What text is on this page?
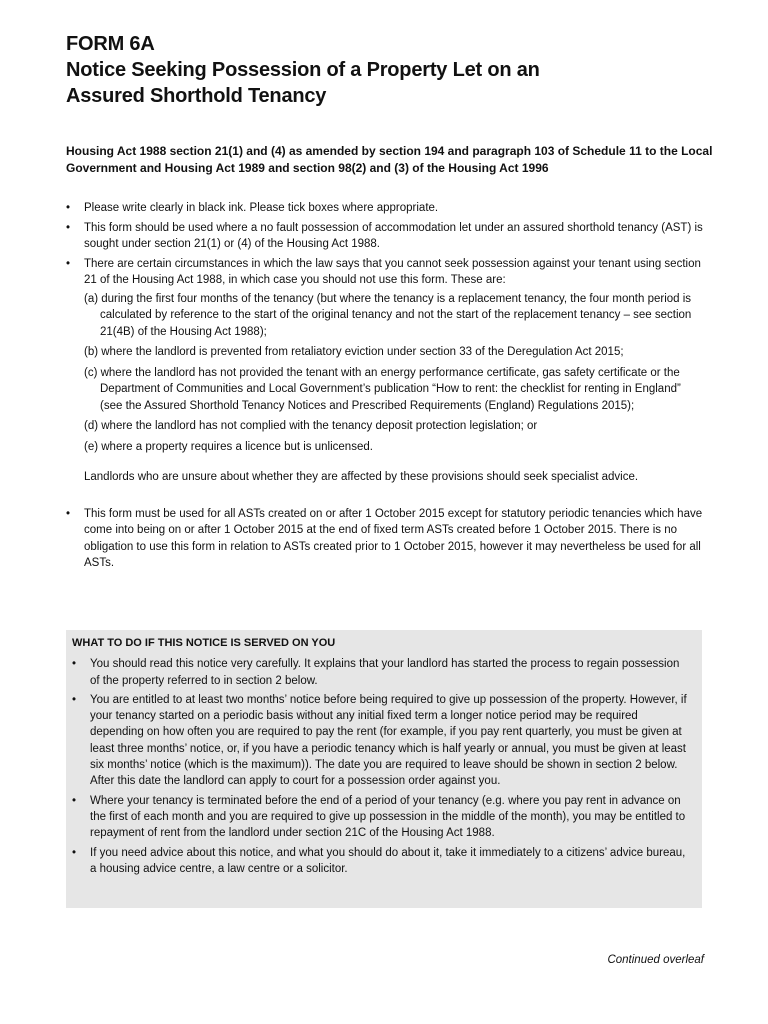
FORM 6A
Notice Seeking Possession of a Property Let on an
Assured Shorthold Tenancy
Housing Act 1988 section 21(1) and (4) as amended by section 194 and paragraph 103 of Schedule 11 to the Local Government and Housing Act 1989 and section 98(2) and (3) of the Housing Act 1996
• Please write clearly in black ink. Please tick boxes where appropriate.
• This form should be used where a no fault possession of accommodation let under an assured shorthold tenancy (AST) is sought under section 21(1) or (4) of the Housing Act 1988.
• There are certain circumstances in which the law says that you cannot seek possession against your tenant using section 21 of the Housing Act 1988, in which case you should not use this form. These are:
(a) during the first four months of the tenancy (but where the tenancy is a replacement tenancy, the four month period is calculated by reference to the start of the original tenancy and not the start of the replacement tenancy – see section 21(4B) of the Housing Act 1988);
(b) where the landlord is prevented from retaliatory eviction under section 33 of the Deregulation Act 2015;
(c) where the landlord has not provided the tenant with an energy performance certificate, gas safety certificate or the Department of Communities and Local Government’s publication “How to rent: the checklist for renting in England” (see the Assured Shorthold Tenancy Notices and Prescribed Requirements (England) Regulations 2015);
(d) where the landlord has not complied with the tenancy deposit protection legislation; or
(e) where a property requires a licence but is unlicensed.
Landlords who are unsure about whether they are affected by these provisions should seek specialist advice.
• This form must be used for all ASTs created on or after 1 October 2015 except for statutory periodic tenancies which have come into being on or after 1 October 2015 at the end of fixed term ASTs created before 1 October 2015. There is no obligation to use this form in relation to ASTs created prior to 1 October 2015, however it may nevertheless be used for all ASTs.
WHAT TO DO IF THIS NOTICE IS SERVED ON YOU
• You should read this notice very carefully. It explains that your landlord has started the process to regain possession of the property referred to in section 2 below.
• You are entitled to at least two months’ notice before being required to give up possession of the property. However, if your tenancy started on a periodic basis without any initial fixed term a longer notice period may be required depending on how often you are required to pay the rent (for example, if you pay rent quarterly, you must be given at least three months’ notice, or, if you have a periodic tenancy which is half yearly or annual, you must be given at least six months’ notice (which is the maximum)). The date you are required to leave should be shown in section 2 below. After this date the landlord can apply to court for a possession order against you.
• Where your tenancy is terminated before the end of a period of your tenancy (e.g. where you pay rent in advance on the first of each month and you are required to give up possession in the middle of the month), you may be entitled to repayment of rent from the landlord under section 21C of the Housing Act 1988.
• If you need advice about this notice, and what you should do about it, take it immediately to a citizens’ advice bureau, a housing advice centre, a law centre or a solicitor.
Continued overleaf
